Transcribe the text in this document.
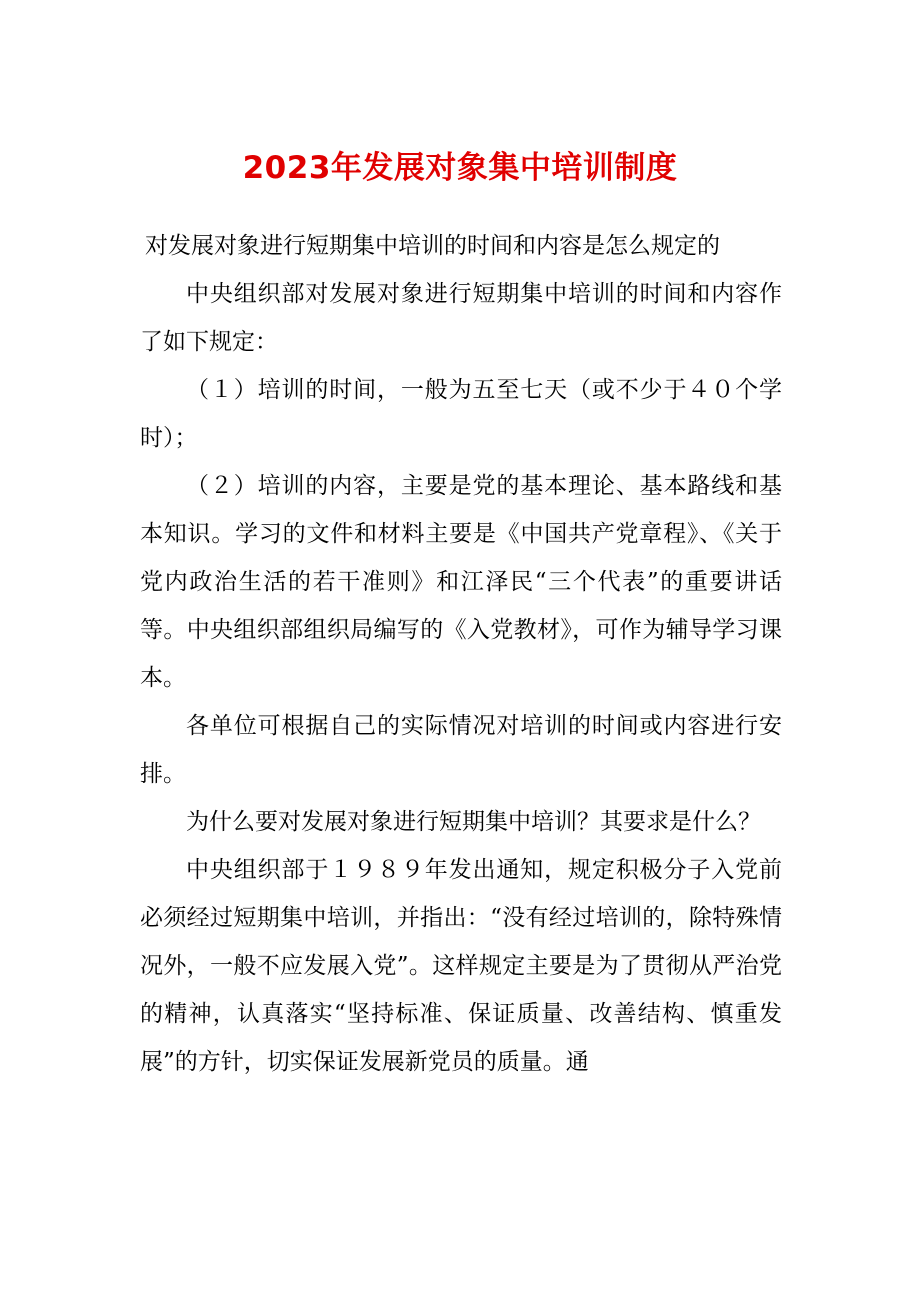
2023年发展对象集中培训制度

对发展对象进行短期集中培训的时间和内容是怎么规定的

中央组织部对发展对象进行短期集中培训的时间和内容作了如下规定：

（１）培训的时间，一般为五至七天（或不少于４０个学时）；

（２）培训的内容，主要是党的基本理论、基本路线和基本知识。学习的文件和材料主要是《中国共产党章程》、《关于党内政治生活的若干准则》和江泽民“三个代表”的重要讲话等。中央组织部组织局编写的《入党教材》，可作为辅导学习课本。

各单位可根据自己的实际情况对培训的时间或内容进行安排。

为什么要对发展对象进行短期集中培训？其要求是什么？

中央组织部于１９８９年发出通知，规定积极分子入党前必须经过短期集中培训，并指出：“没有经过培训的，除特殊情况外，一般不应发展入党”。这样规定主要是为了贯彻从严治党的精神，认真落实“坚持标准、保证质量、改善结构、慎重发展”的方针，切实保证发展新党员的质量。通
